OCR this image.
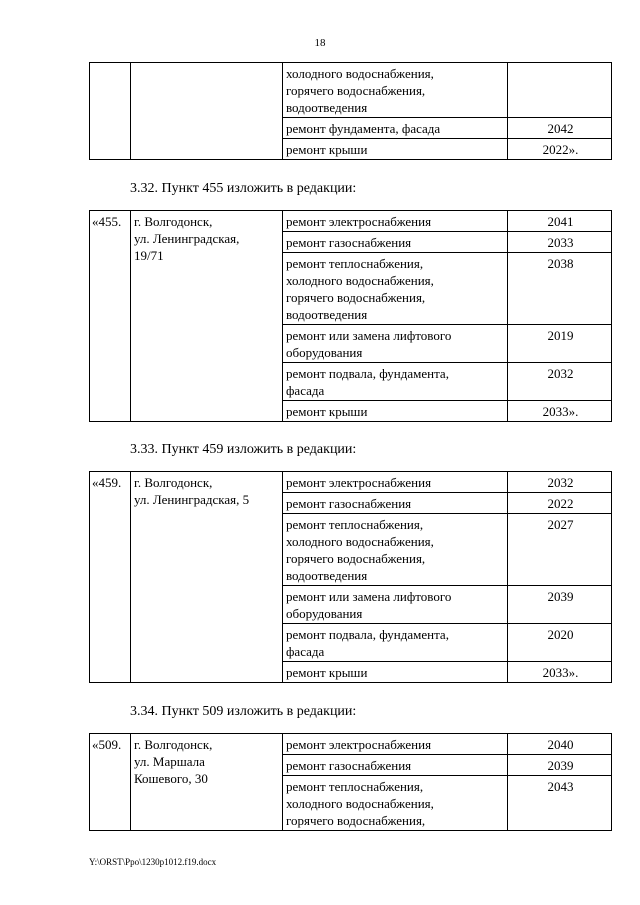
18
3.32. Пункт 455 изложить в редакции:
3.33. Пункт 459 изложить в редакции:
3.34. Пункт 509 изложить в редакции:
		холодного водоснабжения,
горячего водоснабжения,
водоотведения	
		ремонт фундамента, фасада	2042
		ремонт крыши	2022».
«455.	г. Волгодонск,
ул. Ленинградская,
19/71	ремонт электроснабжения	2041
		ремонт газоснабжения	2033
		ремонт теплоснабжения,
холодного водоснабжения,
горячего водоснабжения,
водоотведения	2038
		ремонт или замена лифтового
оборудования	2019
		ремонт подвала, фундамента,
фасада	2032
		ремонт крыши	2033».
«459.	г. Волгодонск,
ул. Ленинградская, 5	ремонт электроснабжения	2032
		ремонт газоснабжения	2022
		ремонт теплоснабжения,
холодного водоснабжения,
горячего водоснабжения,
водоотведения	2027
		ремонт или замена лифтового
оборудования	2039
		ремонт подвала, фундамента,
фасада	2020
		ремонт крыши	2033».
«509.	г. Волгодонск,
ул. Маршала
Кошевого, 30	ремонт электроснабжения	2040
		ремонт газоснабжения	2039
		ремонт теплоснабжения,
холодного водоснабжения,
горячего водоснабжения,	2043
Y:\ORST\Ppo\1230p1012.f19.docx
